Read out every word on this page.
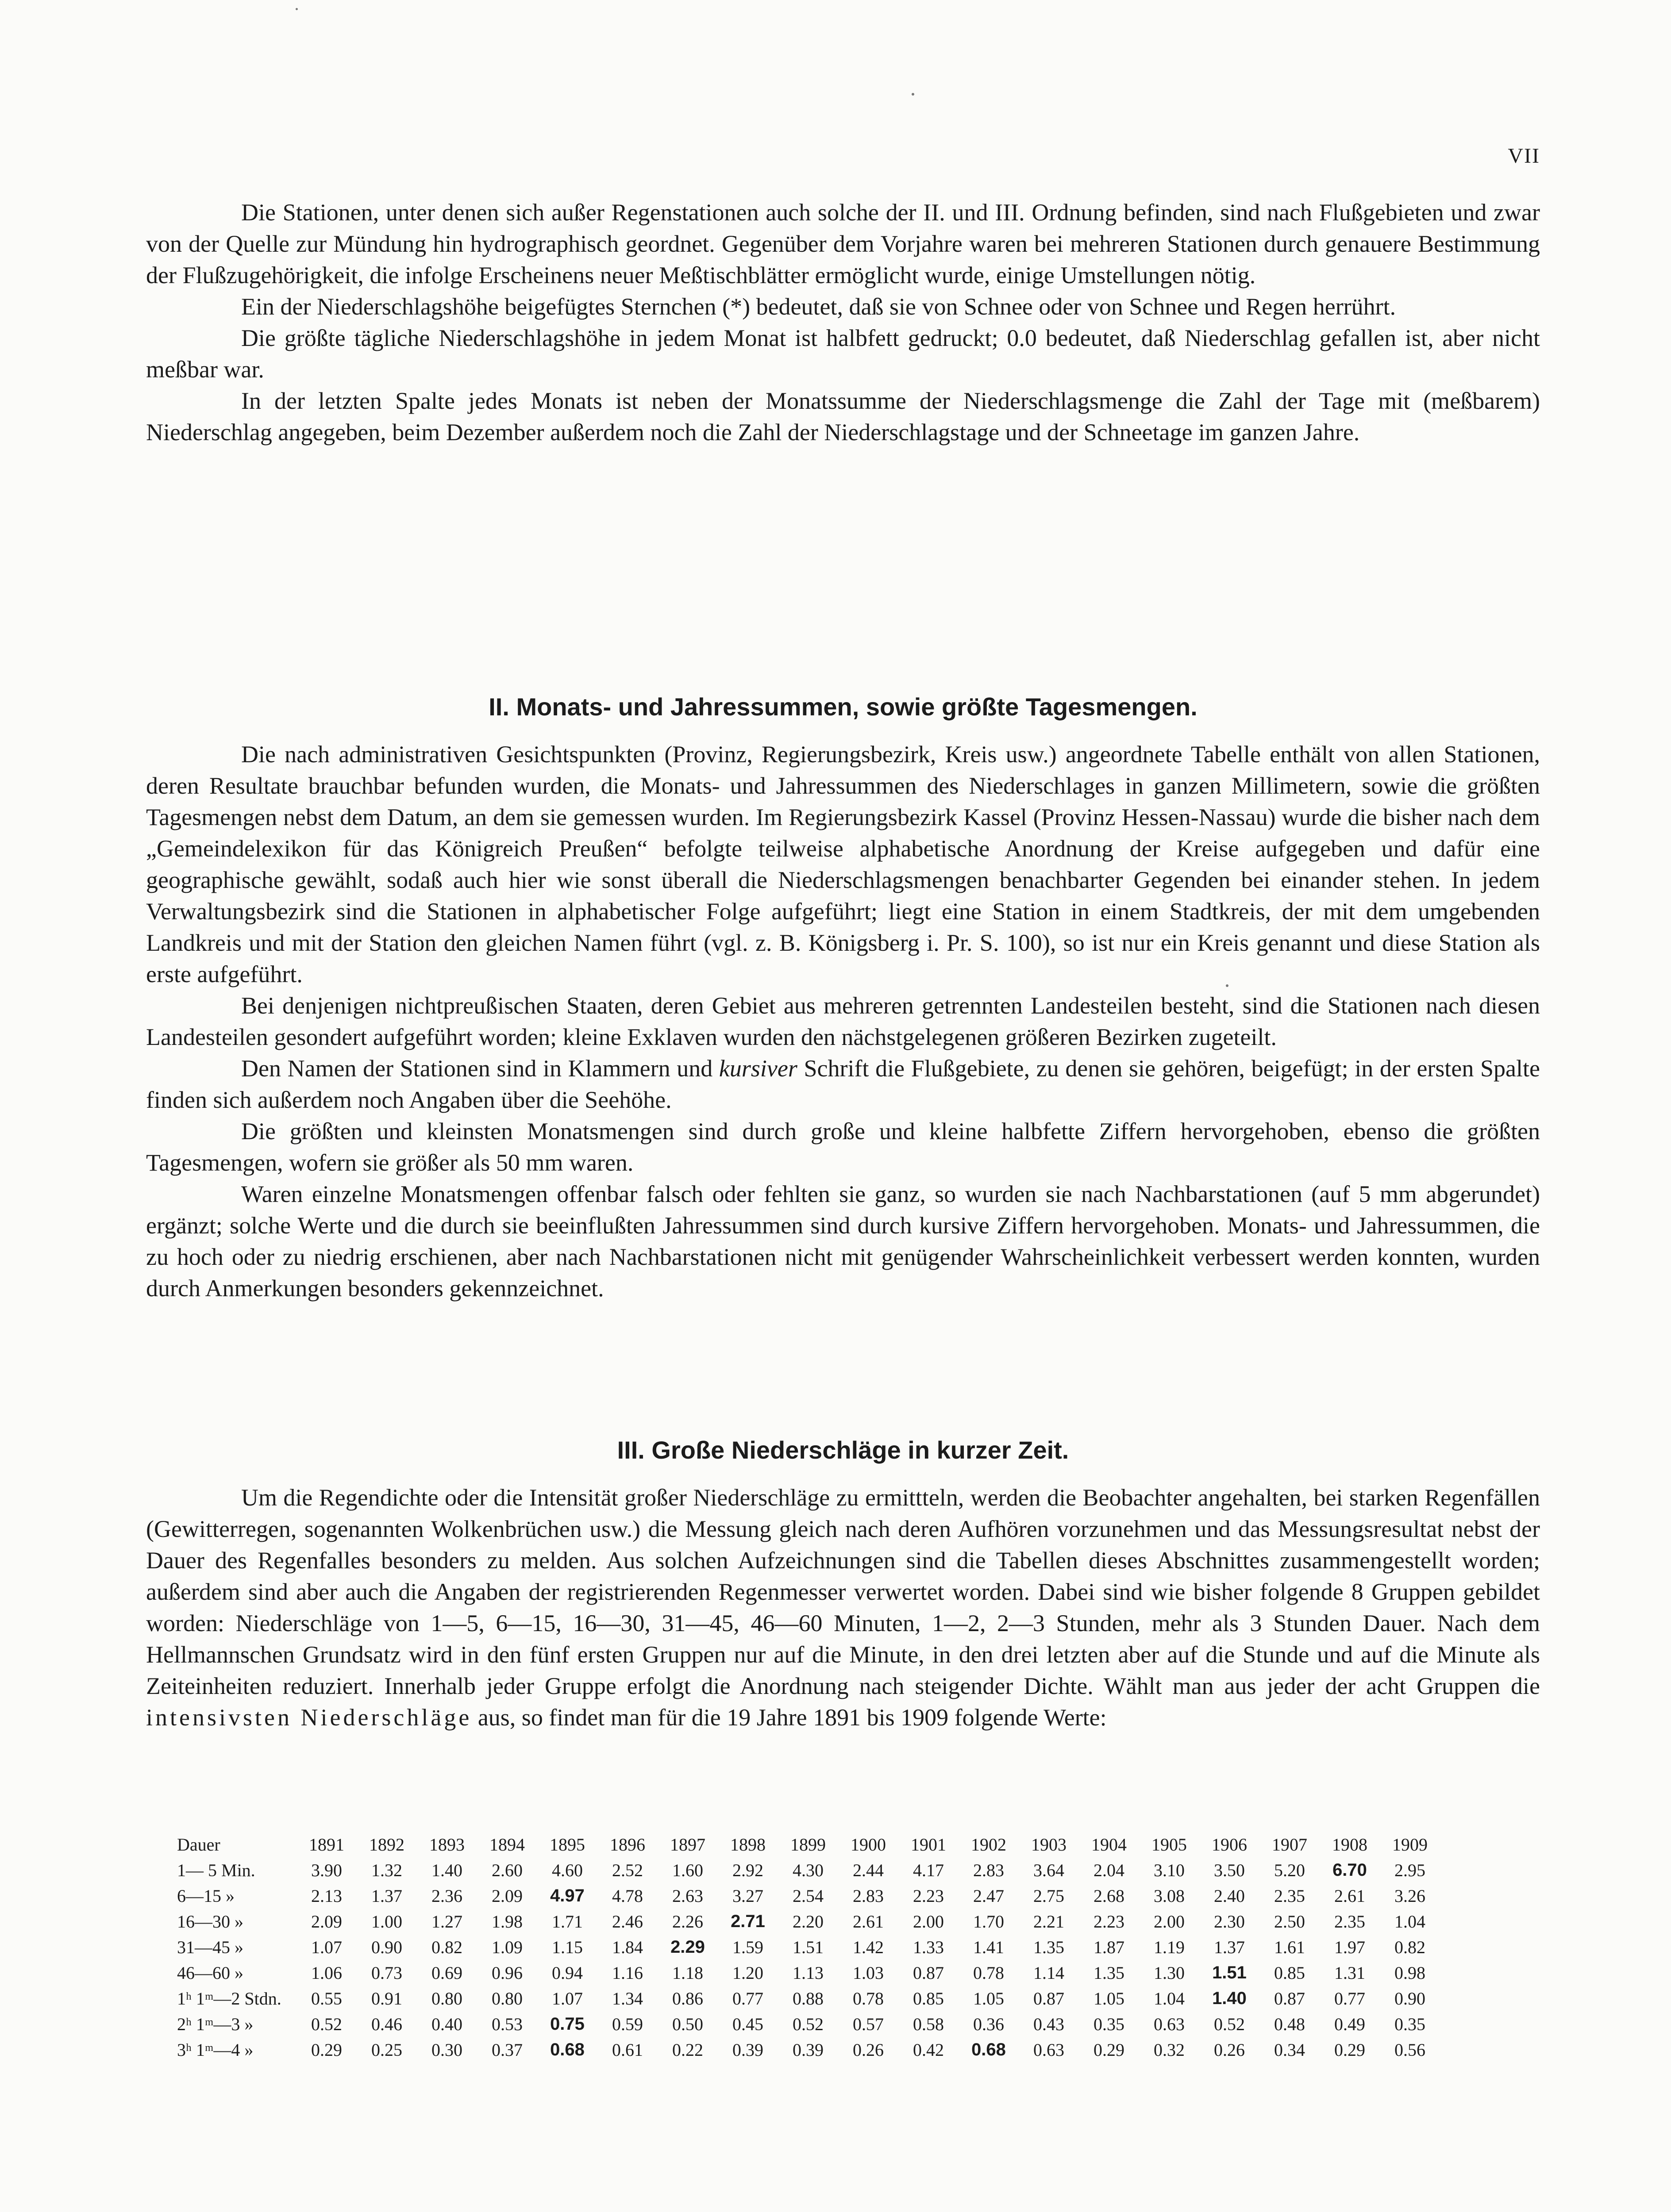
VII

Die Stationen, unter denen sich außer Regenstationen auch solche der II. und III. Ordnung befinden, sind nach Flußgebieten und zwar von der Quelle zur Mündung hin hydrographisch geordnet. Gegenüber dem Vorjahre waren bei mehreren Stationen durch genauere Bestimmung der Flußzugehörigkeit, die infolge Erscheinens neuer Meßtischblätter ermöglicht wurde, einige Umstellungen nötig.

Ein der Niederschlagshöhe beigefügtes Sternchen (*) bedeutet, daß sie von Schnee oder von Schnee und Regen herrührt.

Die größte tägliche Niederschlagshöhe in jedem Monat ist halbfett gedruckt; 0.0 bedeutet, daß Niederschlag gefallen ist, aber nicht meßbar war.

In der letzten Spalte jedes Monats ist neben der Monatssumme der Niederschlagsmenge die Zahl der Tage mit (meßbarem) Niederschlag angegeben, beim Dezember außerdem noch die Zahl der Niederschlagstage und der Schneetage im ganzen Jahre.

II. Monats- und Jahressummen, sowie größte Tagesmengen.

Die nach administrativen Gesichtspunkten (Provinz, Regierungsbezirk, Kreis usw.) angeordnete Tabelle enthält von allen Stationen, deren Resultate brauchbar befunden wurden, die Monats- und Jahressummen des Niederschlages in ganzen Millimetern, sowie die größten Tagesmengen nebst dem Datum, an dem sie gemessen wurden. Im Regierungsbezirk Kassel (Provinz Hessen-Nassau) wurde die bisher nach dem „Gemeindelexikon für das Königreich Preußen“ befolgte teilweise alphabetische Anordnung der Kreise aufgegeben und dafür eine geographische gewählt, sodaß auch hier wie sonst überall die Niederschlagsmengen benachbarter Gegenden bei einander stehen. In jedem Verwaltungsbezirk sind die Stationen in alphabetischer Folge aufgeführt; liegt eine Station in einem Stadtkreis, der mit dem umgebenden Landkreis und mit der Station den gleichen Namen führt (vgl. z. B. Königsberg i. Pr. S. 100), so ist nur ein Kreis genannt und diese Station als erste aufgeführt.

Bei denjenigen nichtpreußischen Staaten, deren Gebiet aus mehreren getrennten Landesteilen besteht, sind die Stationen nach diesen Landesteilen gesondert aufgeführt worden; kleine Exklaven wurden den nächstgelegenen größeren Bezirken zugeteilt.

Den Namen der Stationen sind in Klammern und kursiver Schrift die Flußgebiete, zu denen sie gehören, beigefügt; in der ersten Spalte finden sich außerdem noch Angaben über die Seehöhe.

Die größten und kleinsten Monatsmengen sind durch große und kleine halbfette Ziffern hervorgehoben, ebenso die größten Tagesmengen, wofern sie größer als 50 mm waren.

Waren einzelne Monatsmengen offenbar falsch oder fehlten sie ganz, so wurden sie nach Nachbarstationen (auf 5 mm abgerundet) ergänzt; solche Werte und die durch sie beeinflußten Jahressummen sind durch kursive Ziffern hervorgehoben. Monats- und Jahressummen, die zu hoch oder zu niedrig erschienen, aber nach Nachbarstationen nicht mit genügender Wahrscheinlichkeit verbessert werden konnten, wurden durch Anmerkungen besonders gekennzeichnet.

III. Große Niederschläge in kurzer Zeit.

Um die Regendichte oder die Intensität großer Niederschläge zu ermittteln, werden die Beobachter angehalten, bei starken Regenfällen (Gewitterregen, sogenannten Wolkenbrüchen usw.) die Messung gleich nach deren Aufhören vorzunehmen und das Messungsresultat nebst der Dauer des Regenfalles besonders zu melden. Aus solchen Aufzeichnungen sind die Tabellen dieses Abschnittes zusammengestellt worden; außerdem sind aber auch die Angaben der registrierenden Regenmesser verwertet worden. Dabei sind wie bisher folgende 8 Gruppen gebildet worden: Niederschläge von 1—5, 6—15, 16—30, 31—45, 46—60 Minuten, 1—2, 2—3 Stunden, mehr als 3 Stunden Dauer. Nach dem Hellmannschen Grundsatz wird in den fünf ersten Gruppen nur auf die Minute, in den drei letzten aber auf die Stunde und auf die Minute als Zeiteinheiten reduziert. Innerhalb jeder Gruppe erfolgt die Anordnung nach steigender Dichte. Wählt man aus jeder der acht Gruppen die intensivsten Niederschläge aus, so findet man für die 19 Jahre 1891 bis 1909 folgende Werte:

Dauer	1891	1892	1893	1894	1895	1896	1897	1898	1899	1900	1901	1902	1903	1904	1905	1906	1907	1908	1909
1— 5 Min.	3.90	1.32	1.40	2.60	4.60	2.52	1.60	2.92	4.30	2.44	4.17	2.83	3.64	2.04	3.10	3.50	5.20	6.70	2.95
6—15 »	2.13	1.37	2.36	2.09	4.97	4.78	2.63	3.27	2.54	2.83	2.23	2.47	2.75	2.68	3.08	2.40	2.35	2.61	3.26
16—30 »	2.09	1.00	1.27	1.98	1.71	2.46	2.26	2.71	2.20	2.61	2.00	1.70	2.21	2.23	2.00	2.30	2.50	2.35	1.04
31—45 »	1.07	0.90	0.82	1.09	1.15	1.84	2.29	1.59	1.51	1.42	1.33	1.41	1.35	1.87	1.19	1.37	1.61	1.97	0.82
46—60 »	1.06	0.73	0.69	0.96	0.94	1.16	1.18	1.20	1.13	1.03	0.87	0.78	1.14	1.35	1.30	1.51	0.85	1.31	0.98
1ʰ 1ᵐ—2 Stdn.	0.55	0.91	0.80	0.80	1.07	1.34	0.86	0.77	0.88	0.78	0.85	1.05	0.87	1.05	1.04	1.40	0.87	0.77	0.90
2ʰ 1ᵐ—3 »	0.52	0.46	0.40	0.53	0.75	0.59	0.50	0.45	0.52	0.57	0.58	0.36	0.43	0.35	0.63	0.52	0.48	0.49	0.35
3ʰ 1ᵐ—4 »	0.29	0.25	0.30	0.37	0.68	0.61	0.22	0.39	0.39	0.26	0.42	0.68	0.63	0.29	0.32	0.26	0.34	0.29	0.56
